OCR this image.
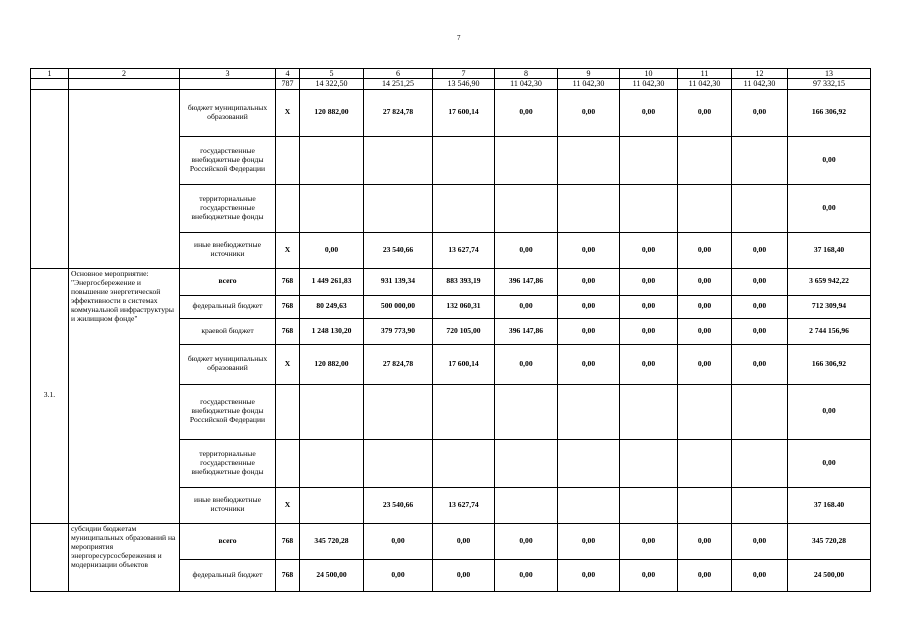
7
1	2	3	4	5	6	7	8	9	10	11	12	13
			787	14 322,50	14 251,25	13 546,90	11 042,30	11 042,30	11 042,30	11 042,30	11 042,30	97 332,15
		бюджет муниципальных образований	X	120 882,00	27 824,78	17 600,14	0,00	0,00	0,00	0,00	0,00	166 306,92
		государственные внебюджетные фонды Российской Федерации										0,00
		территориальные государственные внебюджетные фонды										0,00
		иные внебюджетные источники	X	0,00	23 540,66	13 627,74	0,00	0,00	0,00	0,00	0,00	37 168,40
3.1.	Основное мероприятие: "Энергосбережение и повышение энергетической эффективности в системах коммунальной инфраструктуры и жилищном фонде"	всего	768	1 449 261,83	931 139,34	883 393,19	396 147,86	0,00	0,00	0,00	0,00	3 659 942,22
		федеральный бюджет	768	80 249,63	500 000,00	132 060,31	0,00	0,00	0,00	0,00	0,00	712 309,94
		краевой бюджет	768	1 248 130,20	379 773,90	720 105,00	396 147,86	0,00	0,00	0,00	0,00	2 744 156,96
		бюджет муниципальных образований	X	120 882,00	27 824,78	17 600,14	0,00	0,00	0,00	0,00	0,00	166 306,92
		государственные внебюджетные фонды Российской Федерации										0,00
		территориальные государственные внебюджетные фонды										0,00
		иные внебюджетные источники	X		23 540,66	13 627,74						37 168.40
	субсидии бюджетам муниципальных образований на мероприятия энергоресурсосбережения и модернизации объектов	всего	768	345 720,28	0,00	0,00	0,00	0,00	0,00	0,00	0,00	345 720,28
		федеральный бюджет	768	24 500,00	0,00	0,00	0,00	0,00	0,00	0,00	0,00	24 500,00
